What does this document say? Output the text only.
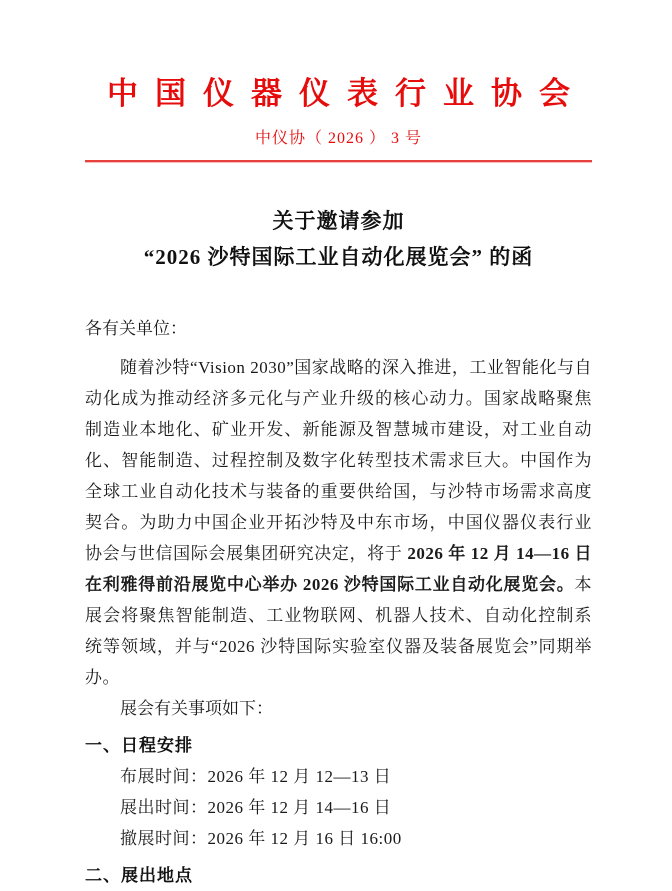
中国仪器仪表行业协会
中仪协（ 2026 ） 3 号
关于邀请参加
“2026 沙特国际工业自动化展览会” 的函

各有关单位：

随着沙特“Vision 2030”国家战略的深入推进，工业智能化与自动化成为推动经济多元化与产业升级的核心动力。国家战略聚焦制造业本地化、矿业开发、新能源及智慧城市建设，对工业自动化、智能制造、过程控制及数字化转型技术需求巨大。中国作为全球工业自动化技术与装备的重要供给国，与沙特市场需求高度契合。为助力中国企业开拓沙特及中东市场，中国仪器仪表行业协会与世信国际会展集团研究决定，将于 2026 年 12 月 14—16 日在利雅得前沿展览中心举办 2026 沙特国际工业自动化展览会。本展会将聚焦智能制造、工业物联网、机器人技术、自动化控制系统等领域，并与“2026 沙特国际实验室仪器及装备展览会”同期举办。

展会有关事项如下：

一、日程安排

布展时间：2026 年 12 月 12—13 日

展出时间：2026 年 12 月 14—16 日

撤展时间：2026 年 12 月 16 日 16:00

二、展出地点
